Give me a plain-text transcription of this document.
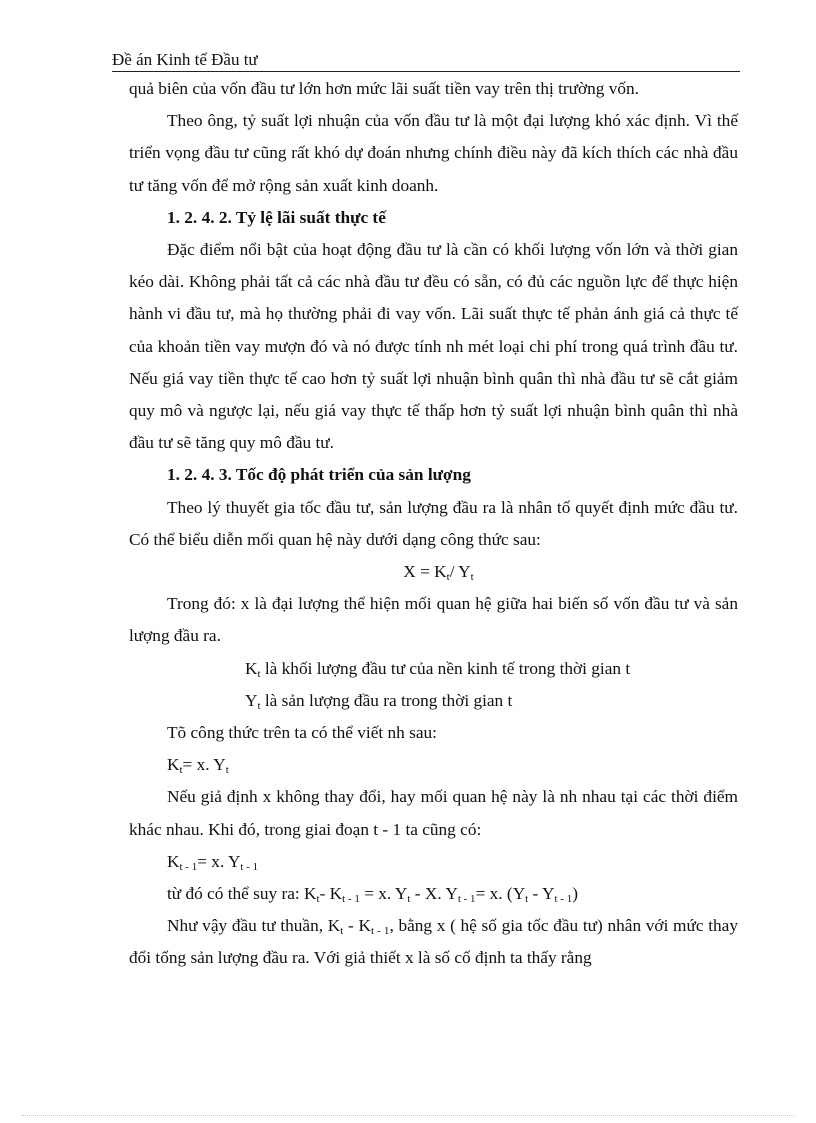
Đề án Kinh tế Đầu tư

quả biên của vốn đầu tư lớn hơn mức lãi suất tiền vay trên thị trường vốn.

Theo ông, tỷ suất lợi nhuận của vốn đầu tư là một đại lượng khó xác định. Vì thế triển vọng đầu tư cũng rất khó dự đoán nhưng chính điều này đã kích thích các nhà đầu tư tăng vốn để mở rộng sản xuất kinh doanh.

1. 2. 4. 2. Tỷ lệ lãi suất thực tế

Đặc điểm nổi bật của hoạt động đầu tư là cần có khối lượng vốn lớn và thời gian kéo dài. Không phải tất cả các nhà đầu tư đều có sẵn, có đủ các nguồn lực để thực hiện hành vi đầu tư, mà họ thường phải đi vay vốn. Lãi suất thực tế phản ánh giá cả thực tế của khoản tiền vay mượn đó và nó được tính nh mét loại chi phí trong quá trình đầu tư. Nếu giá vay tiền thực tế cao hơn tỷ suất lợi nhuận bình quân thì nhà đầu tư sẽ cắt giảm quy mô và ngược lại, nếu giá vay thực tế thấp hơn tỷ suất lợi nhuận bình quân thì nhà đầu tư sẽ tăng quy mô đầu tư.

1. 2. 4. 3. Tốc độ phát triển của sản lượng

Theo lý thuyết gia tốc đầu tư, sản lượng đầu ra là nhân tố quyết định mức đầu tư. Có thể biểu diễn mối quan hệ này dưới dạng công thức sau:

$X = K_t/$ $Y_t$

Trong đó: x là đại lượng thể hiện mối quan hệ giữa hai biến số vốn đầu tư và sản lượng đầu ra.

$K_t$ là khối lượng đầu tư của nền kinh tế trong thời gian t

$Y_t$ là sản lượng đầu ra trong thời gian t

Tõ công thức trên ta có thể viết nh sau:

$K_t= x$. $Y_t$

Nếu giả định x không thay đổi, hay mối quan hệ này là nh nhau tại các thời điểm khác nhau. Khi đó, trong giai đoạn t - 1 ta cũng có:

$K_{t - 1}= x$. $Y_{t - 1}$

từ đó có thể suy ra: $K_t-$ $K_{t - 1} = x$. $Y_t$ - X. $Y_{t - 1}= x$. $(Y_t - Y_{t - 1})$

Như vậy đầu tư thuần, $K_t - K_{t - 1}$, bằng x ( hệ số gia tốc đầu tư) nhân với mức thay đổi tổng sản lượng đầu ra. Với giả thiết x là số cố định ta thấy rằng
